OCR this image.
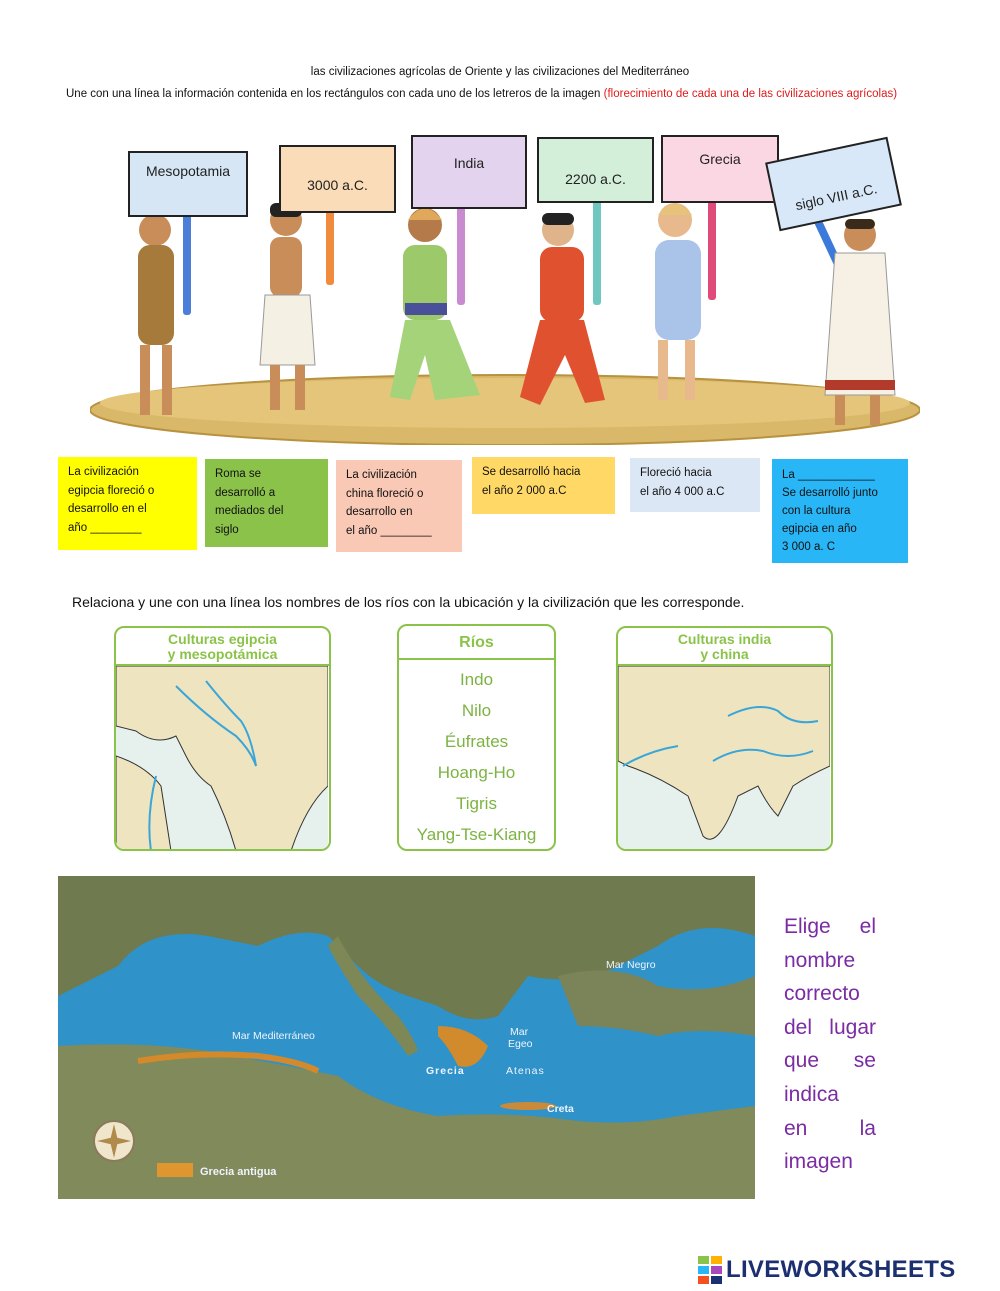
las civilizaciones agrícolas de Oriente y las civilizaciones del Mediterráneo
Une con una línea la información contenida en los rectángulos con cada uno de los letreros de la imagen (florecimiento de cada una de las civilizaciones agrícolas)
Mesopotamia
3000 a.C.
India
2200 a.C.
Grecia
siglo VIII a.C.
La civilización
egipcia floreció o
desarrollo en el
año ________
Roma se
desarrolló a
mediados del
siglo
La civilización
china floreció o
desarrollo en
el año ________
Se desarrolló hacia
el año 2 000 a.C
Floreció hacia
el año 4 000 a.C
La ____________
Se desarrolló junto
con la cultura
egipcia en año
3 000 a. C
Relaciona y une con una línea los nombres de los ríos con la ubicación y la civilización que les corresponde.
Culturas egipcia
y mesopotámica
Ríos
Indo
Nilo
Éufrates
Hoang-Ho
Tigris
Yang-Tse-Kiang
Culturas india
y china
Mar Negro
Mar Mediterráneo	Mar
Egeo
Grecia	Atenas
Creta
Grecia antigua
Elige el
nombre
correcto
del lugar
que se
indica
en la
imagen
LIVEWORKSHEETS
